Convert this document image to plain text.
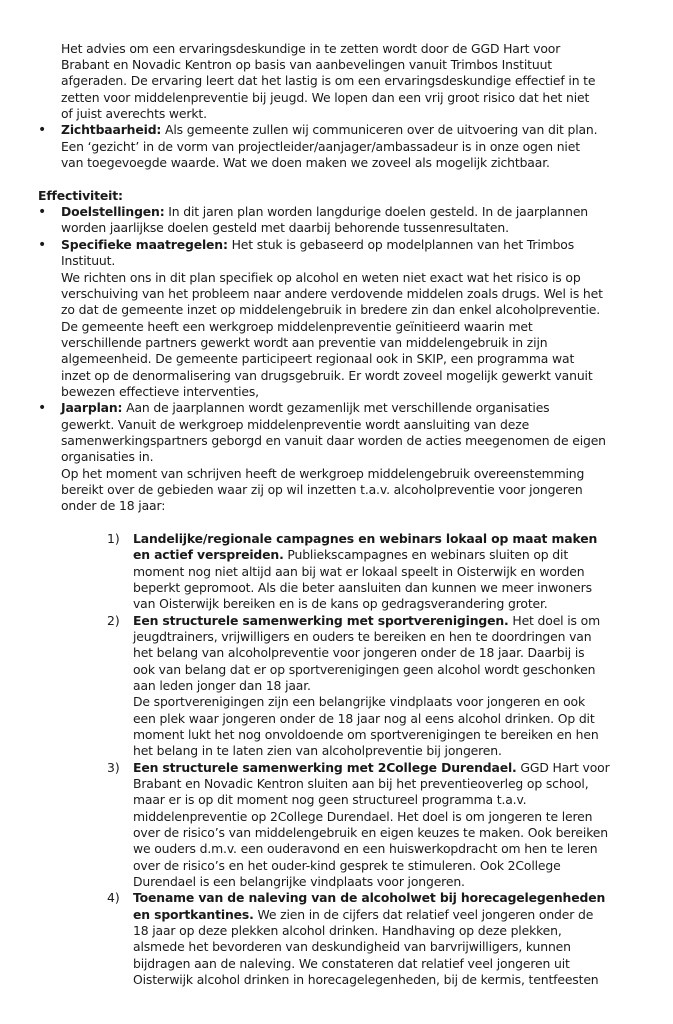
Het advies om een ervaringsdeskundige in te zetten wordt door de GGD Hart voor
Brabant en Novadic Kentron op basis van aanbevelingen vanuit Trimbos Instituut
afgeraden. De ervaring leert dat het lastig is om een ervaringsdeskundige effectief in te
zetten voor middelenpreventie bij jeugd. We lopen dan een vrij groot risico dat het niet
of juist averechts werkt.
• Zichtbaarheid: Als gemeente zullen wij communiceren over de uitvoering van dit plan.
Een ‘gezicht’ in de vorm van projectleider/aanjager/ambassadeur is in onze ogen niet
van toegevoegde waarde. Wat we doen maken we zoveel als mogelijk zichtbaar.
Effectiviteit:
• Doelstellingen: In dit jaren plan worden langdurige doelen gesteld. In de jaarplannen
worden jaarlijkse doelen gesteld met daarbij behorende tussenresultaten.
• Specifieke maatregelen: Het stuk is gebaseerd op modelplannen van het Trimbos
Instituut.
We richten ons in dit plan specifiek op alcohol en weten niet exact wat het risico is op
verschuiving van het probleem naar andere verdovende middelen zoals drugs. Wel is het
zo dat de gemeente inzet op middelengebruik in bredere zin dan enkel alcoholpreventie.
De gemeente heeft een werkgroep middelenpreventie geïnitieerd waarin met
verschillende partners gewerkt wordt aan preventie van middelengebruik in zijn
algemeenheid. De gemeente participeert regionaal ook in SKIP, een programma wat
inzet op de denormalisering van drugsgebruik. Er wordt zoveel mogelijk gewerkt vanuit
bewezen effectieve interventies,
• Jaarplan: Aan de jaarplannen wordt gezamenlijk met verschillende organisaties
gewerkt. Vanuit de werkgroep middelenpreventie wordt aansluiting van deze
samenwerkingspartners geborgd en vanuit daar worden de acties meegenomen de eigen
organisaties in.
Op het moment van schrijven heeft de werkgroep middelengebruik overeenstemming
bereikt over de gebieden waar zij op wil inzetten t.a.v. alcoholpreventie voor jongeren
onder de 18 jaar:
1) Landelijke/regionale campagnes en webinars lokaal op maat maken
en actief verspreiden. Publiekscampagnes en webinars sluiten op dit
moment nog niet altijd aan bij wat er lokaal speelt in Oisterwijk en worden
beperkt gepromoot. Als die beter aansluiten dan kunnen we meer inwoners
van Oisterwijk bereiken en is de kans op gedragsverandering groter.
2) Een structurele samenwerking met sportverenigingen. Het doel is om
jeugdtrainers, vrijwilligers en ouders te bereiken en hen te doordringen van
het belang van alcoholpreventie voor jongeren onder de 18 jaar. Daarbij is
ook van belang dat er op sportverenigingen geen alcohol wordt geschonken
aan leden jonger dan 18 jaar.
De sportverenigingen zijn een belangrijke vindplaats voor jongeren en ook
een plek waar jongeren onder de 18 jaar nog al eens alcohol drinken. Op dit
moment lukt het nog onvoldoende om sportverenigingen te bereiken en hen
het belang in te laten zien van alcoholpreventie bij jongeren.
3) Een structurele samenwerking met 2College Durendael. GGD Hart voor
Brabant en Novadic Kentron sluiten aan bij het preventieoverleg op school,
maar er is op dit moment nog geen structureel programma t.a.v.
middelenpreventie op 2College Durendael. Het doel is om jongeren te leren
over de risico’s van middelengebruik en eigen keuzes te maken. Ook bereiken
we ouders d.m.v. een ouderavond en een huiswerkopdracht om hen te leren
over de risico’s en het ouder-kind gesprek te stimuleren. Ook 2College
Durendael is een belangrijke vindplaats voor jongeren.
4) Toename van de naleving van de alcoholwet bij horecagelegenheden
en sportkantines. We zien in de cijfers dat relatief veel jongeren onder de
18 jaar op deze plekken alcohol drinken. Handhaving op deze plekken,
alsmede het bevorderen van deskundigheid van barvrijwilligers, kunnen
bijdragen aan de naleving. We constateren dat relatief veel jongeren uit
Oisterwijk alcohol drinken in horecagelegenheden, bij de kermis, tentfeesten
